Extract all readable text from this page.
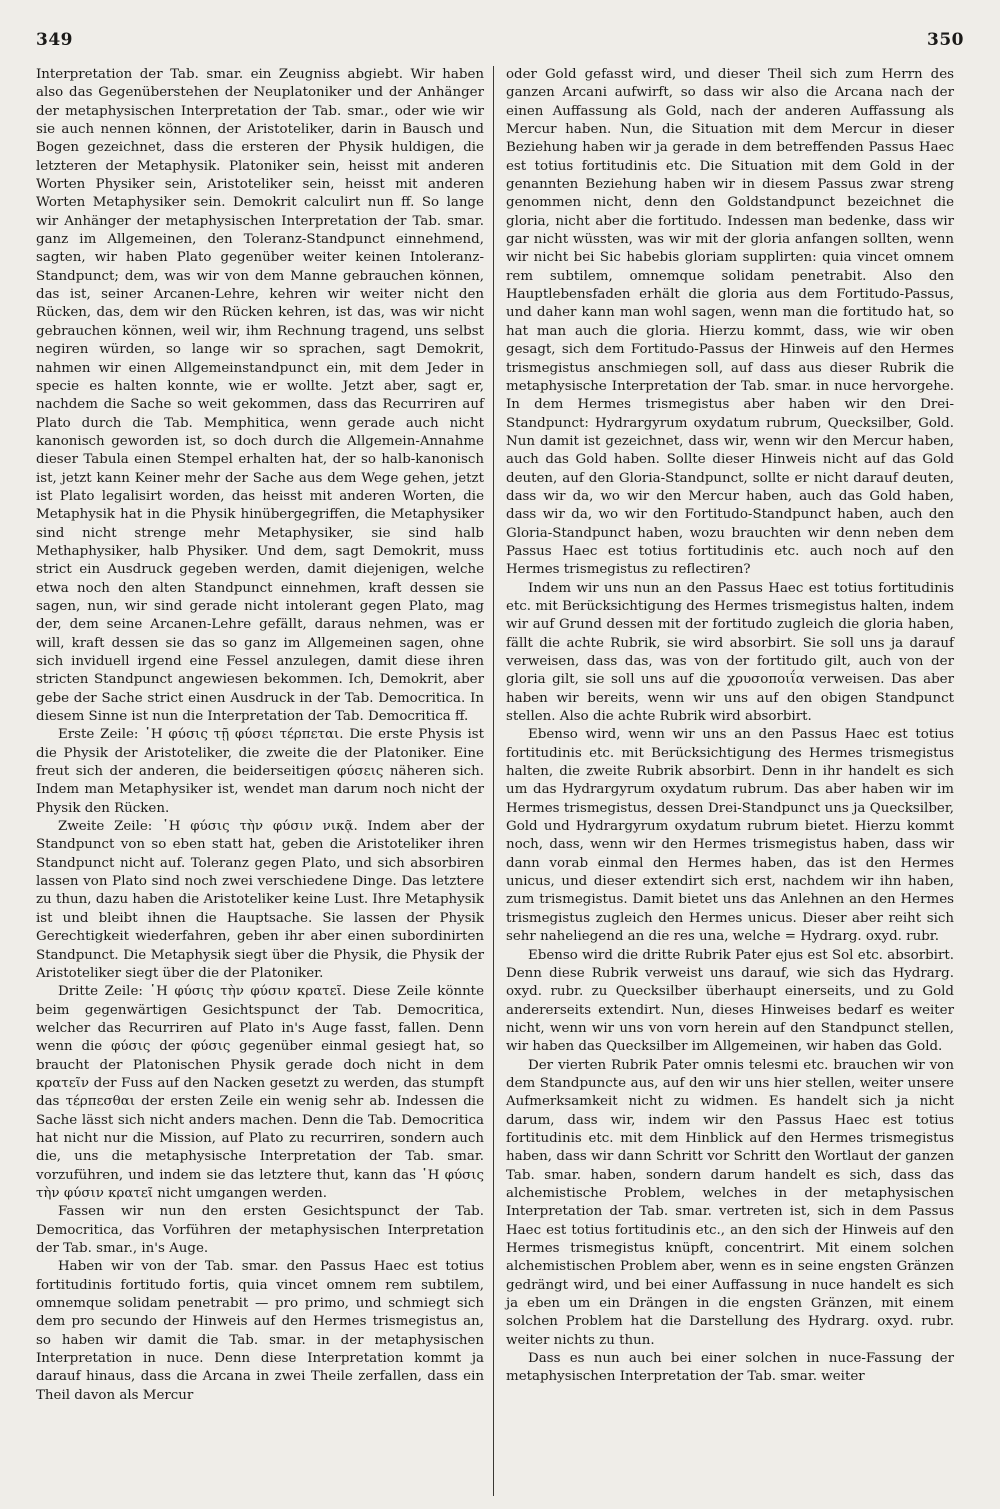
349	350

Interpretation der Tab. smar. ein Zeugniss abgiebt. Wir haben also das Gegenüberstehen der Neuplatoniker und der Anhänger der metaphysischen Interpretation der Tab. smar., oder wie wir sie auch nennen können, der Aristoteliker, darin in Bausch und Bogen gezeichnet, dass die ersteren der Physik huldigen, die letzteren der Metaphysik. Platoniker sein, heisst mit anderen Worten Physiker sein, Aristoteliker sein, heisst mit anderen Worten Metaphysiker sein. Demokrit calculirt nun ff. So lange wir Anhänger der metaphysischen Interpretation der Tab. smar. ganz im Allgemeinen, den Toleranz-Standpunct einnehmend, sagten, wir haben Plato gegenüber weiter keinen Intoleranz-Standpunct; dem, was wir von dem Manne gebrauchen können, das ist, seiner Arcanen-Lehre, kehren wir weiter nicht den Rücken, das, dem wir den Rücken kehren, ist das, was wir nicht gebrauchen können, weil wir, ihm Rechnung tragend, uns selbst negiren würden, so lange wir so sprachen, sagt Demokrit, nahmen wir einen Allgemeinstandpunct ein, mit dem Jeder in specie es halten konnte, wie er wollte. Jetzt aber, sagt er, nachdem die Sache so weit gekommen, dass das Recurriren auf Plato durch die Tab. Memphitica, wenn gerade auch nicht kanonisch geworden ist, so doch durch die Allgemein-Annahme dieser Tabula einen Stempel erhalten hat, der so halb-kanonisch ist, jetzt kann Keiner mehr der Sache aus dem Wege gehen, jetzt ist Plato legalisirt worden, das heisst mit anderen Worten, die Metaphysik hat in die Physik hinübergegriffen, die Metaphysiker sind nicht strenge mehr Metaphysiker, sie sind halb Methaphysiker, halb Physiker. Und dem, sagt Demokrit, muss strict ein Ausdruck gegeben werden, damit diejenigen, welche etwa noch den alten Standpunct einnehmen, kraft dessen sie sagen, nun, wir sind gerade nicht intolerant gegen Plato, mag der, dem seine Arcanen-Lehre gefällt, daraus nehmen, was er will, kraft dessen sie das so ganz im Allgemeinen sagen, ohne sich inviduell irgend eine Fessel anzulegen, damit diese ihren stricten Standpunct angewiesen bekommen. Ich, Demokrit, aber gebe der Sache strict einen Ausdruck in der Tab. Democritica. In diesem Sinne ist nun die Interpretation der Tab. Democritica ff.

Erste Zeile: ῾Η φύσις τῇ φύσει τέρπεται. Die erste Physis ist die Physik der Aristoteliker, die zweite die der Platoniker. Eine freut sich der anderen, die beiderseitigen φύσεις näheren sich. Indem man Metaphysiker ist, wendet man darum noch nicht der Physik den Rücken.

Zweite Zeile: ῾Η φύσις τὴν φύσιν νικᾷ. Indem aber der Standpunct von so eben statt hat, geben die Aristoteliker ihren Standpunct nicht auf. Toleranz gegen Plato, und sich absorbiren lassen von Plato sind noch zwei verschiedene Dinge. Das letztere zu thun, dazu haben die Aristoteliker keine Lust. Ihre Metaphysik ist und bleibt ihnen die Hauptsache. Sie lassen der Physik Gerechtigkeit wiederfahren, geben ihr aber einen subordinirten Standpunct. Die Metaphysik siegt über die Physik, die Physik der Aristoteliker siegt über die der Platoniker.

Dritte Zeile: ῾Η φύσις τὴν φύσιν κρατεῖ. Diese Zeile könnte beim gegenwärtigen Gesichtspunct der Tab. Democritica, welcher das Recurriren auf Plato in's Auge fasst, fallen. Denn wenn die φύσις der φύσις gegenüber einmal gesiegt hat, so braucht der Platonischen Physik gerade doch nicht in dem κρατεῖν der Fuss auf den Nacken gesetzt zu werden, das stumpft das τέρπεσθαι der ersten Zeile ein wenig sehr ab. Indessen die Sache lässt sich nicht anders machen. Denn die Tab. Democritica hat nicht nur die Mission, auf Plato zu recurriren, sondern auch die, uns die metaphysische Interpretation der Tab. smar. vorzuführen, und indem sie das letztere thut, kann das ῾Η φύσις τὴν φύσιν κρατεῖ nicht umgangen werden.

Fassen wir nun den ersten Gesichtspunct der Tab. Democritica, das Vorführen der metaphysischen Interpretation der Tab. smar., in's Auge.

Haben wir von der Tab. smar. den Passus Haec est totius fortitudinis fortitudo fortis, quia vincet omnem rem subtilem, omnemque solidam penetrabit — pro primo, und schmiegt sich dem pro secundo der Hinweis auf den Hermes trismegistus an, so haben wir damit die Tab. smar. in der metaphysischen Interpretation in nuce. Denn diese Interpretation kommt ja darauf hinaus, dass die Arcana in zwei Theile zerfallen, dass ein Theil davon als Mercur

oder Gold gefasst wird, und dieser Theil sich zum Herrn des ganzen Arcani aufwirft, so dass wir also die Arcana nach der einen Auffassung als Gold, nach der anderen Auffassung als Mercur haben. Nun, die Situation mit dem Mercur in dieser Beziehung haben wir ja gerade in dem betreffenden Passus Haec est totius fortitudinis etc. Die Situation mit dem Gold in der genannten Beziehung haben wir in diesem Passus zwar streng genommen nicht, denn den Goldstandpunct bezeichnet die gloria, nicht aber die fortitudo. Indessen man bedenke, dass wir gar nicht wüssten, was wir mit der gloria anfangen sollten, wenn wir nicht bei Sic habebis gloriam supplirten: quia vincet omnem rem subtilem, omnemque solidam penetrabit. Also den Hauptlebensfaden erhält die gloria aus dem Fortitudo-Passus, und daher kann man wohl sagen, wenn man die fortitudo hat, so hat man auch die gloria. Hierzu kommt, dass, wie wir oben gesagt, sich dem Fortitudo-Passus der Hinweis auf den Hermes trismegistus anschmiegen soll, auf dass aus dieser Rubrik die metaphysische Interpretation der Tab. smar. in nuce hervorgehe. In dem Hermes trismegistus aber haben wir den Drei-Standpunct: Hydrargyrum oxydatum rubrum, Quecksilber, Gold. Nun damit ist gezeichnet, dass wir, wenn wir den Mercur haben, auch das Gold haben. Sollte dieser Hinweis nicht auf das Gold deuten, auf den Gloria-Standpunct, sollte er nicht darauf deuten, dass wir da, wo wir den Mercur haben, auch das Gold haben, dass wir da, wo wir den Fortitudo-Standpunct haben, auch den Gloria-Standpunct haben, wozu brauchten wir denn neben dem Passus Haec est totius fortitudinis etc. auch noch auf den Hermes trismegistus zu reflectiren?

Indem wir uns nun an den Passus Haec est totius fortitudinis etc. mit Berücksichtigung des Hermes trismegistus halten, indem wir auf Grund dessen mit der fortitudo zugleich die gloria haben, fällt die achte Rubrik, sie wird absorbirt. Sie soll uns ja darauf verweisen, dass das, was von der fortitudo gilt, auch von der gloria gilt, sie soll uns auf die χρυσοποιΐα verweisen. Das aber haben wir bereits, wenn wir uns auf den obigen Standpunct stellen. Also die achte Rubrik wird absorbirt.

Ebenso wird, wenn wir uns an den Passus Haec est totius fortitudinis etc. mit Berücksichtigung des Hermes trismegistus halten, die zweite Rubrik absorbirt. Denn in ihr handelt es sich um das Hydrargyrum oxydatum rubrum. Das aber haben wir im Hermes trismegistus, dessen Drei-Standpunct uns ja Quecksilber, Gold und Hydrargyrum oxydatum rubrum bietet. Hierzu kommt noch, dass, wenn wir den Hermes trismegistus haben, dass wir dann vorab einmal den Hermes haben, das ist den Hermes unicus, und dieser extendirt sich erst, nachdem wir ihn haben, zum trismegistus. Damit bietet uns das Anlehnen an den Hermes trismegistus zugleich den Hermes unicus. Dieser aber reiht sich sehr naheliegend an die res una, welche = Hydrarg. oxyd. rubr.

Ebenso wird die dritte Rubrik Pater ejus est Sol etc. absorbirt. Denn diese Rubrik verweist uns darauf, wie sich das Hydrarg. oxyd. rubr. zu Quecksilber überhaupt einerseits, und zu Gold andererseits extendirt. Nun, dieses Hinweises bedarf es weiter nicht, wenn wir uns von vorn herein auf den Standpunct stellen, wir haben das Quecksilber im Allgemeinen, wir haben das Gold.

Der vierten Rubrik Pater omnis telesmi etc. brauchen wir von dem Standpuncte aus, auf den wir uns hier stellen, weiter unsere Aufmerksamkeit nicht zu widmen. Es handelt sich ja nicht darum, dass wir, indem wir den Passus Haec est totius fortitudinis etc. mit dem Hinblick auf den Hermes trismegistus haben, dass wir dann Schritt vor Schritt den Wortlaut der ganzen Tab. smar. haben, sondern darum handelt es sich, dass das alchemistische Problem, welches in der metaphysischen Interpretation der Tab. smar. vertreten ist, sich in dem Passus Haec est totius fortitudinis etc., an den sich der Hinweis auf den Hermes trismegistus knüpft, concentrirt. Mit einem solchen alchemistischen Problem aber, wenn es in seine engsten Gränzen gedrängt wird, und bei einer Auffassung in nuce handelt es sich ja eben um ein Drängen in die engsten Gränzen, mit einem solchen Problem hat die Darstellung des Hydrarg. oxyd. rubr. weiter nichts zu thun.

Dass es nun auch bei einer solchen in nuce-Fassung der metaphysischen Interpretation der Tab. smar. weiter
